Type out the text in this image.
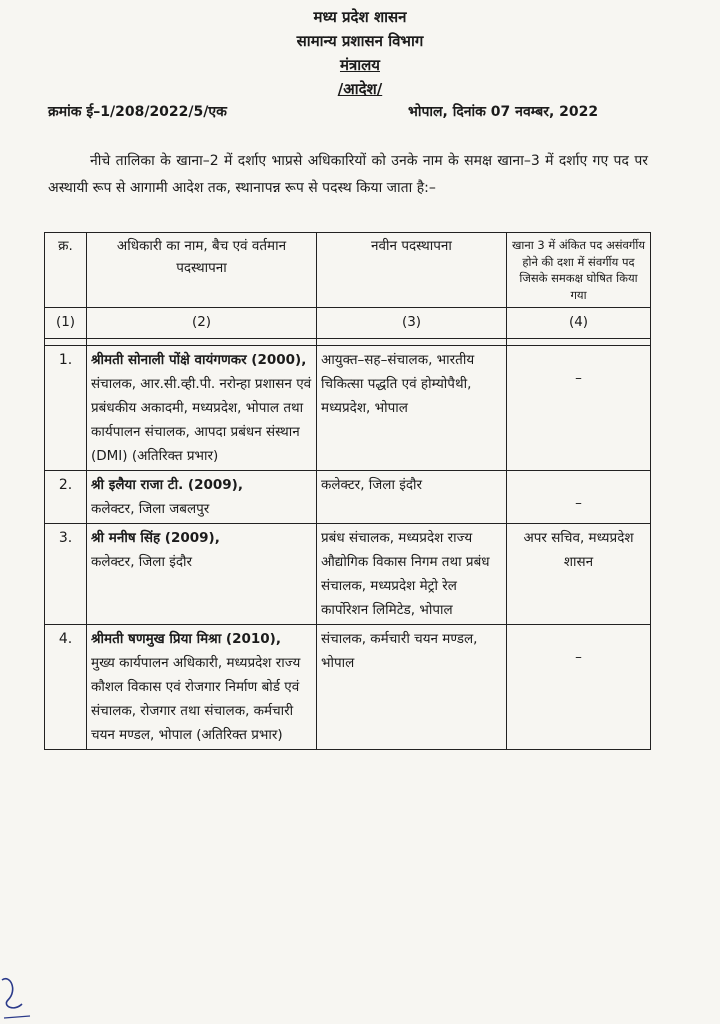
मध्य प्रदेश शासन
सामान्य प्रशासन विभाग
मंत्रालय
/आदेश/
क्रमांक ई–1/208/2022/5/एक	भोपाल, दिनांक 07 नवम्बर, 2022
नीचे तालिका के खाना–2 में दर्शाए भाप्रसे अधिकारियों को उनके नाम के समक्ष खाना–3 में दर्शाए गए पद पर अस्थायी रूप से आगामी आदेश तक, स्थानापन्न रूप से पदस्थ किया जाता है:–
क्र.	अधिकारी का नाम, बैच एवं वर्तमान पदस्थापना	नवीन पदस्थापना	खाना 3 में अंकित पद असंवर्गीय होने की दशा में संवर्गीय पद जिसके समकक्ष घोषित किया गया
(1)	(2)	(3)	(4)

1.	श्रीमती सोनाली पोंक्षे वायंगणकर (2000),
संचालक, आर.सी.व्ही.पी. नरोन्हा प्रशासन एवं प्रबंधकीय अकादमी, मध्यप्रदेश, भोपाल तथा कार्यपालन संचालक, आपदा प्रबंधन संस्थान (DMI) (अतिरिक्त प्रभार)	आयुक्त–सह–संचालक, भारतीय चिकित्सा पद्धति एवं होम्योपैथी, मध्यप्रदेश, भोपाल	–

2.	श्री इलैया राजा टी. (2009),
कलेक्टर, जिला जबलपुर	कलेक्टर, जिला इंदौर	–

3.	श्री मनीष सिंह (2009),
कलेक्टर, जिला इंदौर	प्रबंध संचालक, मध्यप्रदेश राज्य औद्योगिक विकास निगम तथा प्रबंध संचालक, मध्यप्रदेश मेट्रो रेल कार्पोरेशन लिमिटेड, भोपाल	अपर सचिव, मध्यप्रदेश शासन
4.	श्रीमती षणमुख प्रिया मिश्रा (2010),
मुख्य कार्यपालन अधिकारी, मध्यप्रदेश राज्य कौशल विकास एवं रोजगार निर्माण बोर्ड एवं संचालक, रोजगार तथा संचालक, कर्मचारी चयन मण्डल, भोपाल (अतिरिक्त प्रभार)	संचालक, कर्मचारी चयन मण्डल, भोपाल	–
